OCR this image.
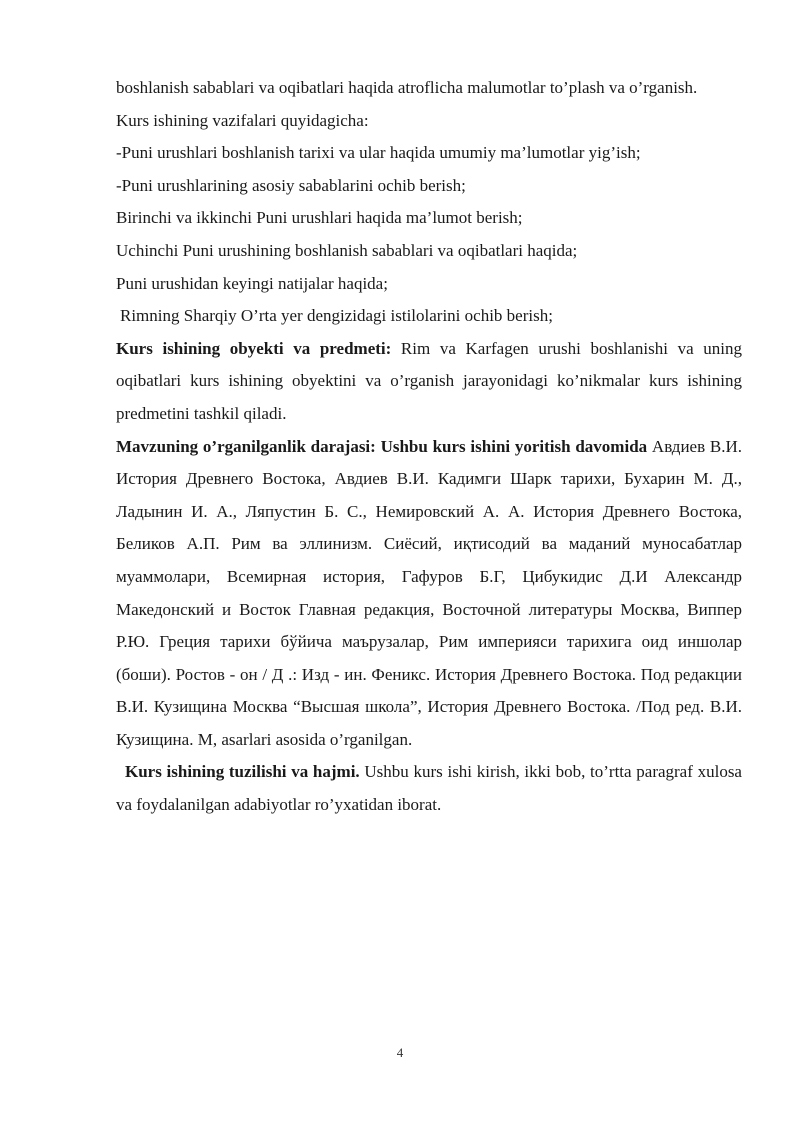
boshlanish sabablari va oqibatlari haqida atroflicha malumotlar to’plash va o’rganish.

Kurs ishining vazifalari quyidagicha:

-Puni urushlari boshlanish tarixi va ular haqida umumiy ma’lumotlar yig’ish;

-Puni urushlarining asosiy sabablarini ochib berish;

Birinchi va ikkinchi Puni urushlari haqida ma’lumot berish;

Uchinchi Puni urushining boshlanish sabablari va oqibatlari haqida;

Puni urushidan keyingi natijalar haqida;

Rimning Sharqiy O’rta yer dengizidagi istilolarini ochib berish;

Kurs ishining obyekti va predmeti: Rim va Karfagen urushi boshlanishi va uning oqibatlari kurs ishining obyektini va o’rganish jarayonidagi ko’nikmalar kurs ishining predmetini tashkil qiladi.

Mavzuning o’rganilganlik darajasi: Ushbu kurs ishini yoritish davomida Авдиев В.И. История Древнего Востока, Авдиев В.И. Кадимги Шарк тарихи, Бухарин М. Д., Ладынин И. А., Ляпустин Б. С., Немировский А. А. История Древнего Востока, Беликов А.П. Рим ва эллинизм. Сиёсий, иқтисодий ва маданий муносабатлар муаммолари, Всемирная история, Гафуров Б.Г, Цибукидис Д.И Александр Македонский и Восток Главная редакция, Восточной литературы Москва, Виппер Р.Ю. Греция тарихи бўйича маърузалар, Рим империяси тарихига оид иншолар (боши). Ростов - он / Д .: Изд - ин. Феникс. История Древнего Востока. Под редакции В.И. Кузищина Москва “Высшая школа”, История Древнего Востока. /Под ред. В.И. Кузищина. М, asarlari asosida o’rganilgan.

Kurs ishining tuzilishi va hajmi. Ushbu kurs ishi kirish, ikki bob, to’rtta paragraf xulosa va foydalanilgan adabiyotlar ro’yxatidan iborat.

4
